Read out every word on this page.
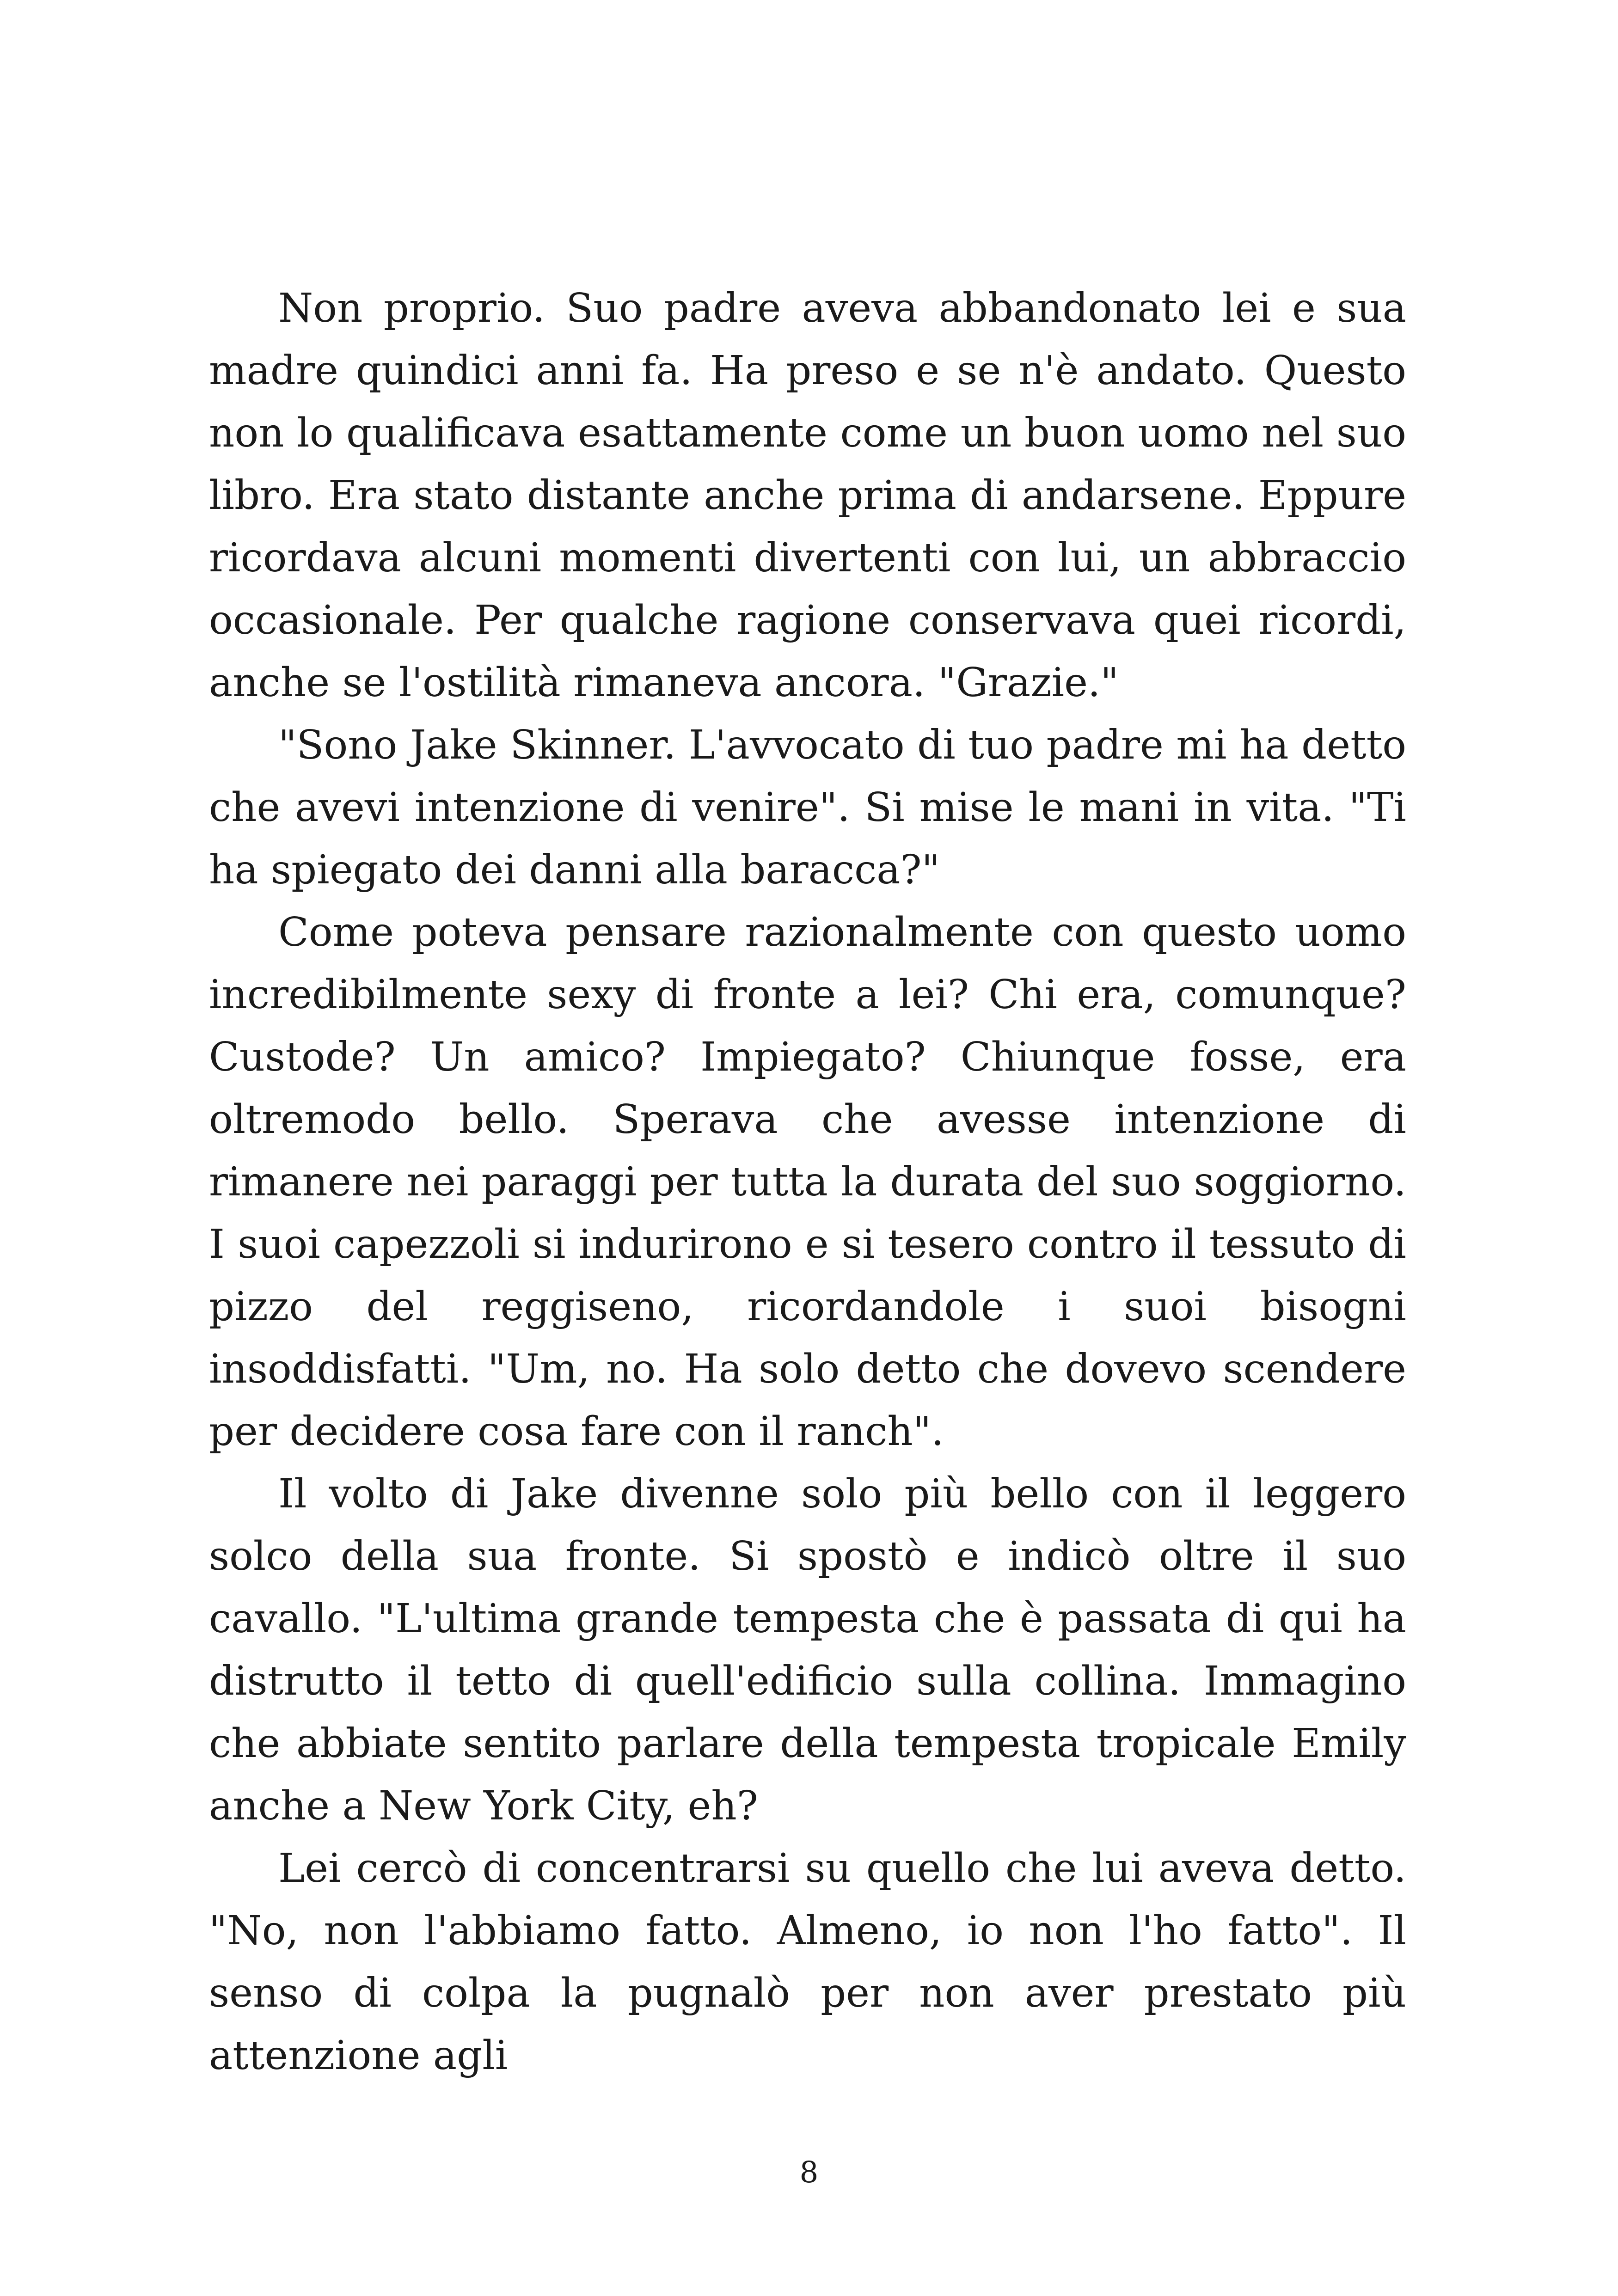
Non proprio. Suo padre aveva abbandonato lei e sua madre quindici anni fa. Ha preso e se n'è andato. Questo non lo qualificava esattamente come un buon uomo nel suo libro. Era stato distante anche prima di andarsene. Eppure ricordava alcuni momenti divertenti con lui, un abbraccio occasionale. Per qualche ragione conservava quei ricordi, anche se l'ostilità rimaneva ancora. "Grazie."

"Sono Jake Skinner. L'avvocato di tuo padre mi ha detto che avevi intenzione di venire". Si mise le mani in vita. "Ti ha spiegato dei danni alla baracca?"

Come poteva pensare razionalmente con questo uomo incredibilmente sexy di fronte a lei? Chi era, comunque? Custode? Un amico? Impiegato? Chiunque fosse, era oltremodo bello. Sperava che avesse intenzione di rimanere nei paraggi per tutta la durata del suo soggiorno. I suoi capezzoli si indurirono e si tesero contro il tessuto di pizzo del reggiseno, ricordandole i suoi bisogni insoddisfatti. "Um, no. Ha solo detto che dovevo scendere per decidere cosa fare con il ranch".

Il volto di Jake divenne solo più bello con il leggero solco della sua fronte. Si spostò e indicò oltre il suo cavallo. "L'ultima grande tempesta che è passata di qui ha distrutto il tetto di quell'edificio sulla collina. Immagino che abbiate sentito parlare della tempesta tropicale Emily anche a New York City, eh?

Lei cercò di concentrarsi su quello che lui aveva detto. "No, non l'abbiamo fatto. Almeno, io non l'ho fatto". Il senso di colpa la pugnalò per non aver prestato più attenzione agli

8
